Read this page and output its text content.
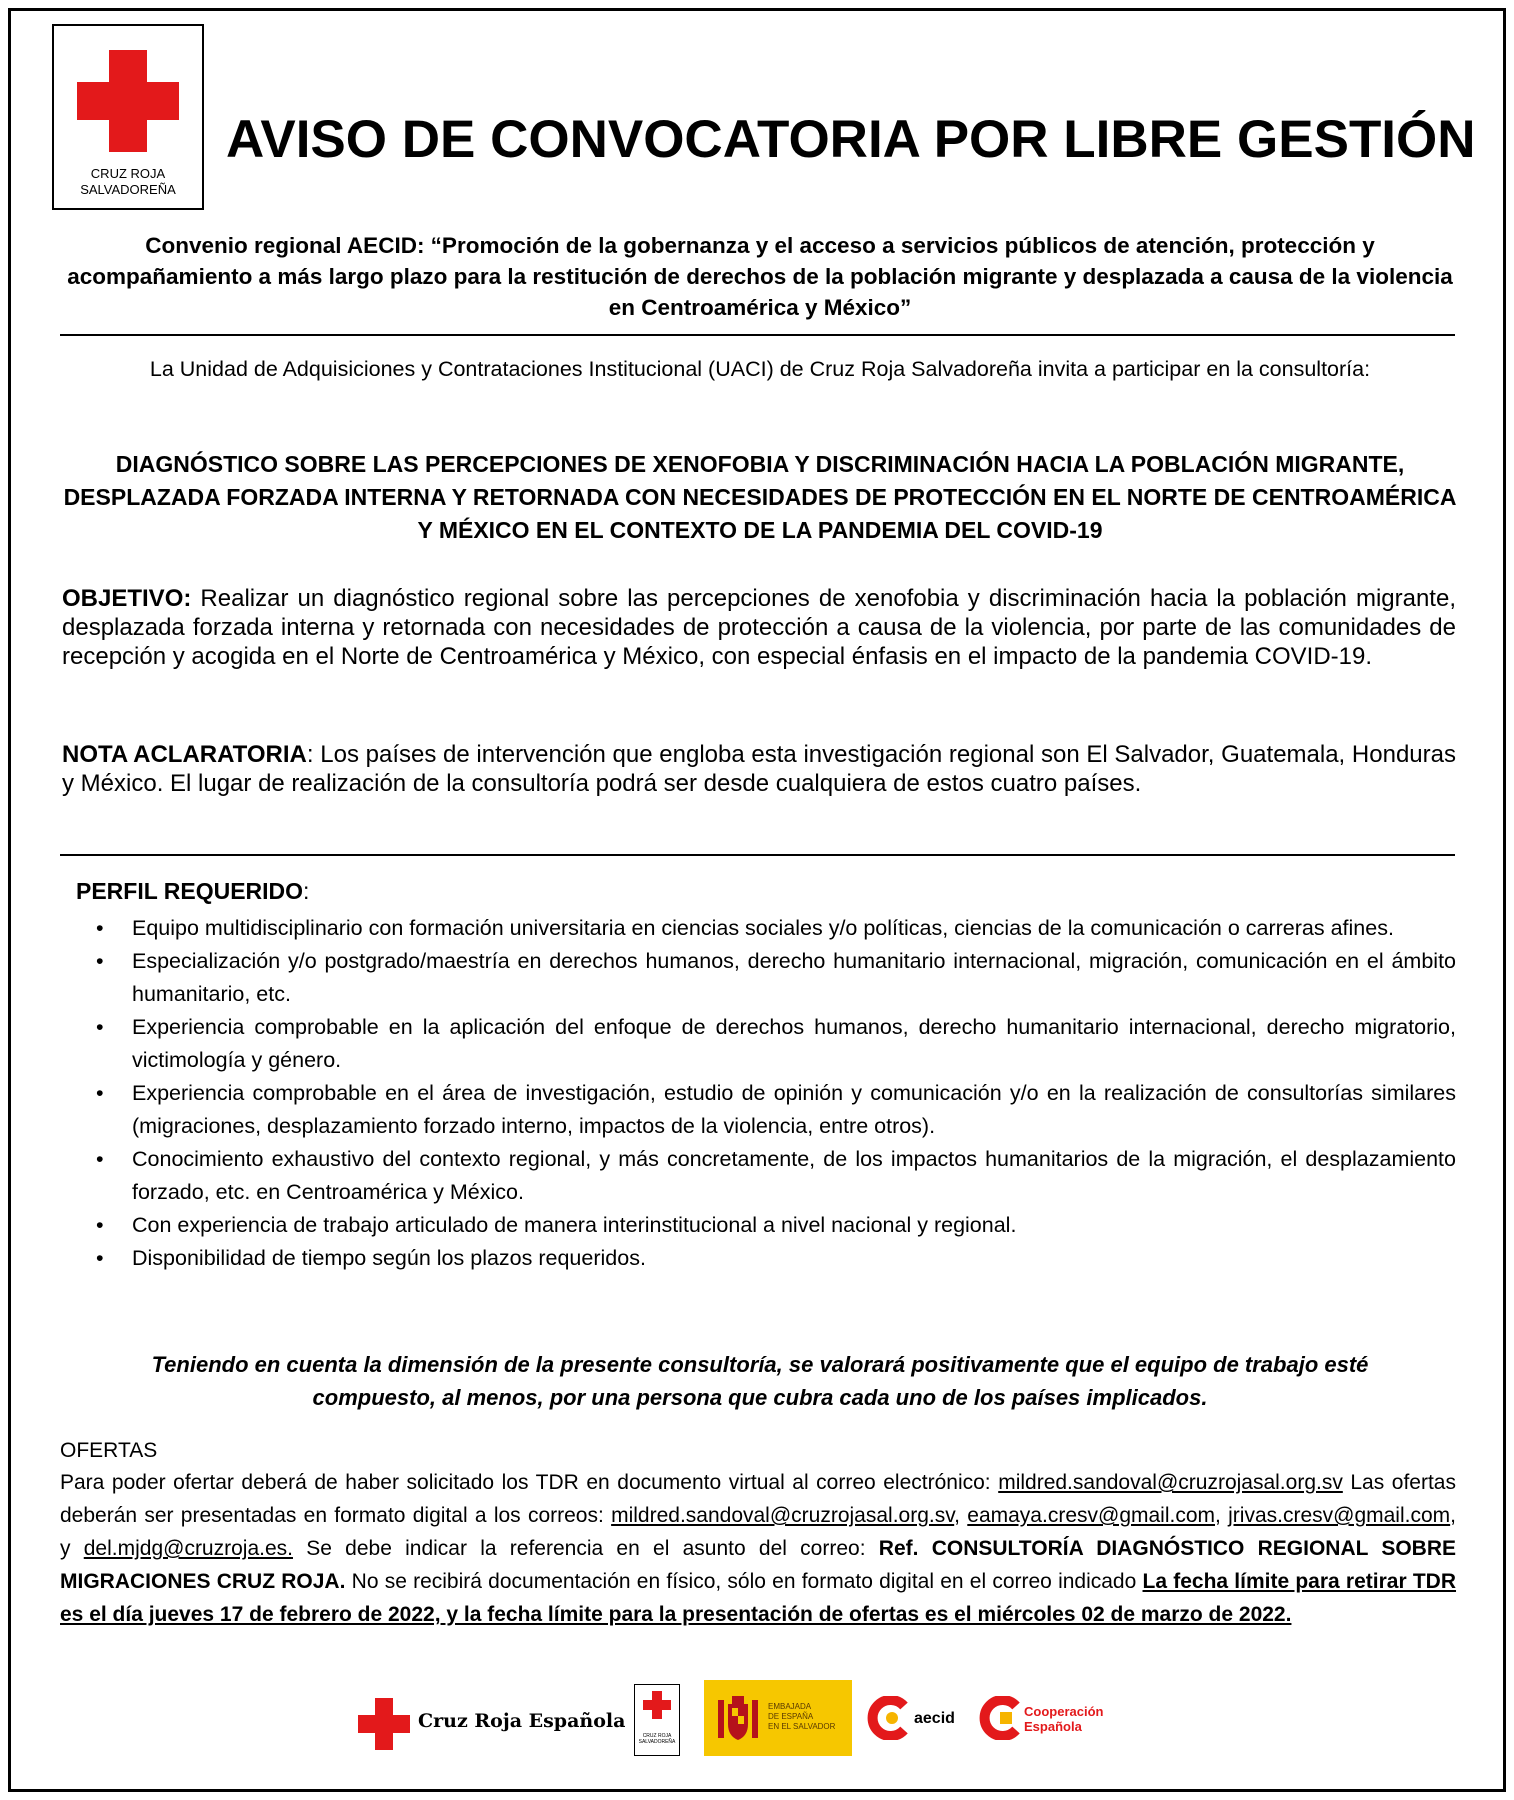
CRUZ ROJA
SALVADOREÑA
AVISO DE CONVOCATORIA POR LIBRE GESTIÓN
Convenio regional AECID: “Promoción de la gobernanza y el acceso a servicios públicos de atención, protección y acompañamiento a más largo plazo para la restitución de derechos de la población migrante y desplazada a causa de la violencia en Centroamérica y México”
La Unidad de Adquisiciones y Contrataciones Institucional (UACI) de Cruz Roja Salvadoreña invita a participar en la consultoría:
DIAGNÓSTICO SOBRE LAS PERCEPCIONES DE XENOFOBIA Y DISCRIMINACIÓN HACIA LA POBLACIÓN MIGRANTE, DESPLAZADA FORZADA INTERNA Y RETORNADA CON NECESIDADES DE PROTECCIÓN EN EL NORTE DE CENTROAMÉRICA Y MÉXICO EN EL CONTEXTO DE LA PANDEMIA DEL COVID-19
OBJETIVO: Realizar un diagnóstico regional sobre las percepciones de xenofobia y discriminación hacia la población migrante, desplazada forzada interna y retornada con necesidades de protección a causa de la violencia, por parte de las comunidades de recepción y acogida en el Norte de Centroamérica y México, con especial énfasis en el impacto de la pandemia COVID-19.
NOTA ACLARATORIA: Los países de intervención que engloba esta investigación regional son El Salvador, Guatemala, Honduras y México. El lugar de realización de la consultoría podrá ser desde cualquiera de estos cuatro países.
PERFIL REQUERIDO:
• Equipo multidisciplinario con formación universitaria en ciencias sociales y/o políticas, ciencias de la comunicación o carreras afines.
• Especialización y/o postgrado/maestría en derechos humanos, derecho humanitario internacional, migración, comunicación en el ámbito humanitario, etc.
• Experiencia comprobable en la aplicación del enfoque de derechos humanos, derecho humanitario internacional, derecho migratorio, victimología y género.
• Experiencia comprobable en el área de investigación, estudio de opinión y comunicación y/o en la realización de consultorías similares (migraciones, desplazamiento forzado interno, impactos de la violencia, entre otros).
• Conocimiento exhaustivo del contexto regional, y más concretamente, de los impactos humanitarios de la migración, el desplazamiento forzado, etc. en Centroamérica y México.
• Con experiencia de trabajo articulado de manera interinstitucional a nivel nacional y regional.
• Disponibilidad de tiempo según los plazos requeridos.
Teniendo en cuenta la dimensión de la presente consultoría, se valorará positivamente que el equipo de trabajo esté compuesto, al menos, por una persona que cubra cada uno de los países implicados.
OFERTAS
Para poder ofertar deberá de haber solicitado los TDR en documento virtual al correo electrónico: mildred.sandoval@cruzrojasal.org.sv Las ofertas deberán ser presentadas en formato digital a los correos: mildred.sandoval@cruzrojasal.org.sv, eamaya.cresv@gmail.com, jrivas.cresv@gmail.com, y del.mjdg@cruzroja.es. Se debe indicar la referencia en el asunto del correo: Ref. CONSULTORÍA DIAGNÓSTICO REGIONAL SOBRE MIGRACIONES CRUZ ROJA. No se recibirá documentación en físico, sólo en formato digital en el correo indicado La fecha límite para retirar TDR es el día jueves 17 de febrero de 2022, y la fecha límite para la presentación de ofertas es el miércoles 02 de marzo de 2022.
Cruz Roja Española
CRUZ ROJA
SALVADOREÑA
EMBAJADA
DE ESPAÑA
EN EL SALVADOR	aecid	Cooperación
Española
